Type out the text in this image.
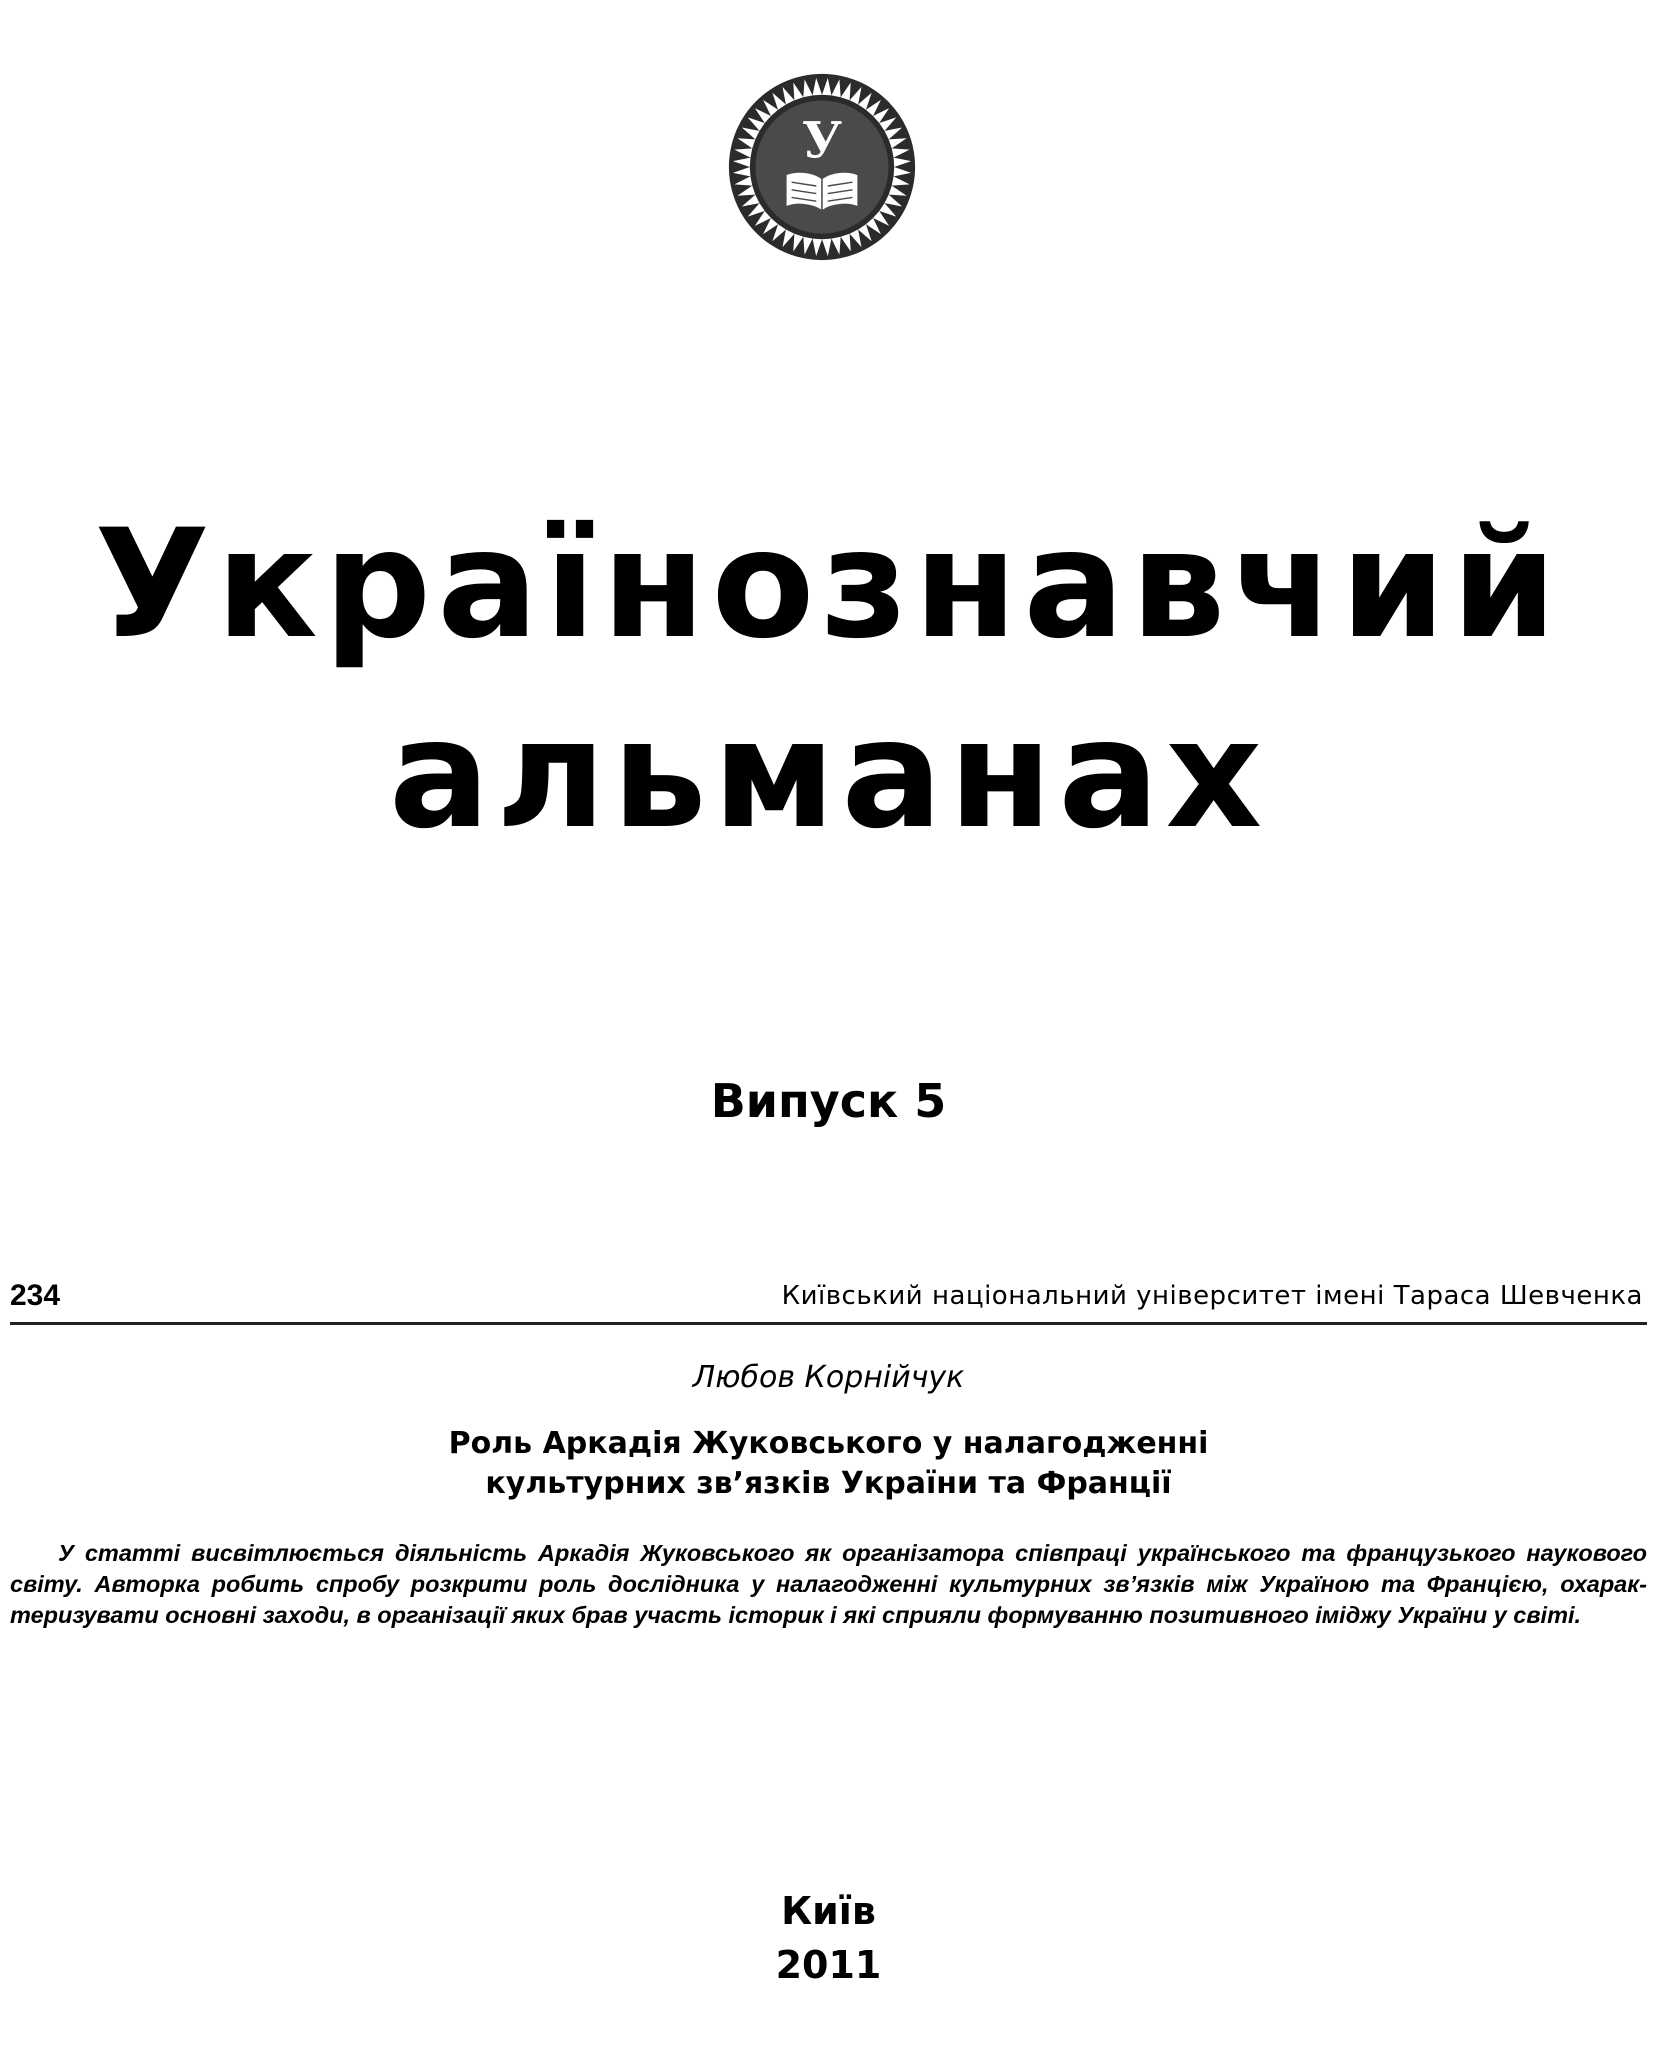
У
Українознавчий
альманах
Випуск 5
234	Київський національний університет імені Тараса Шевченка
Любов Корнійчук
Роль Аркадія Жуковського у налагодженні
культурних зв’язків України та Франції
У статті висвітлюється діяльність Аркадія Жуковського як організатора співпраці українського та французького наукового
світу. Авторка робить спробу розкрити роль дослідника у налагодженні культурних зв’язків між Україною та Францією, охарак-
теризувати основні заходи, в організації яких брав участь історик і які сприяли формуванню позитивного іміджу України у світі.
Київ
2011
